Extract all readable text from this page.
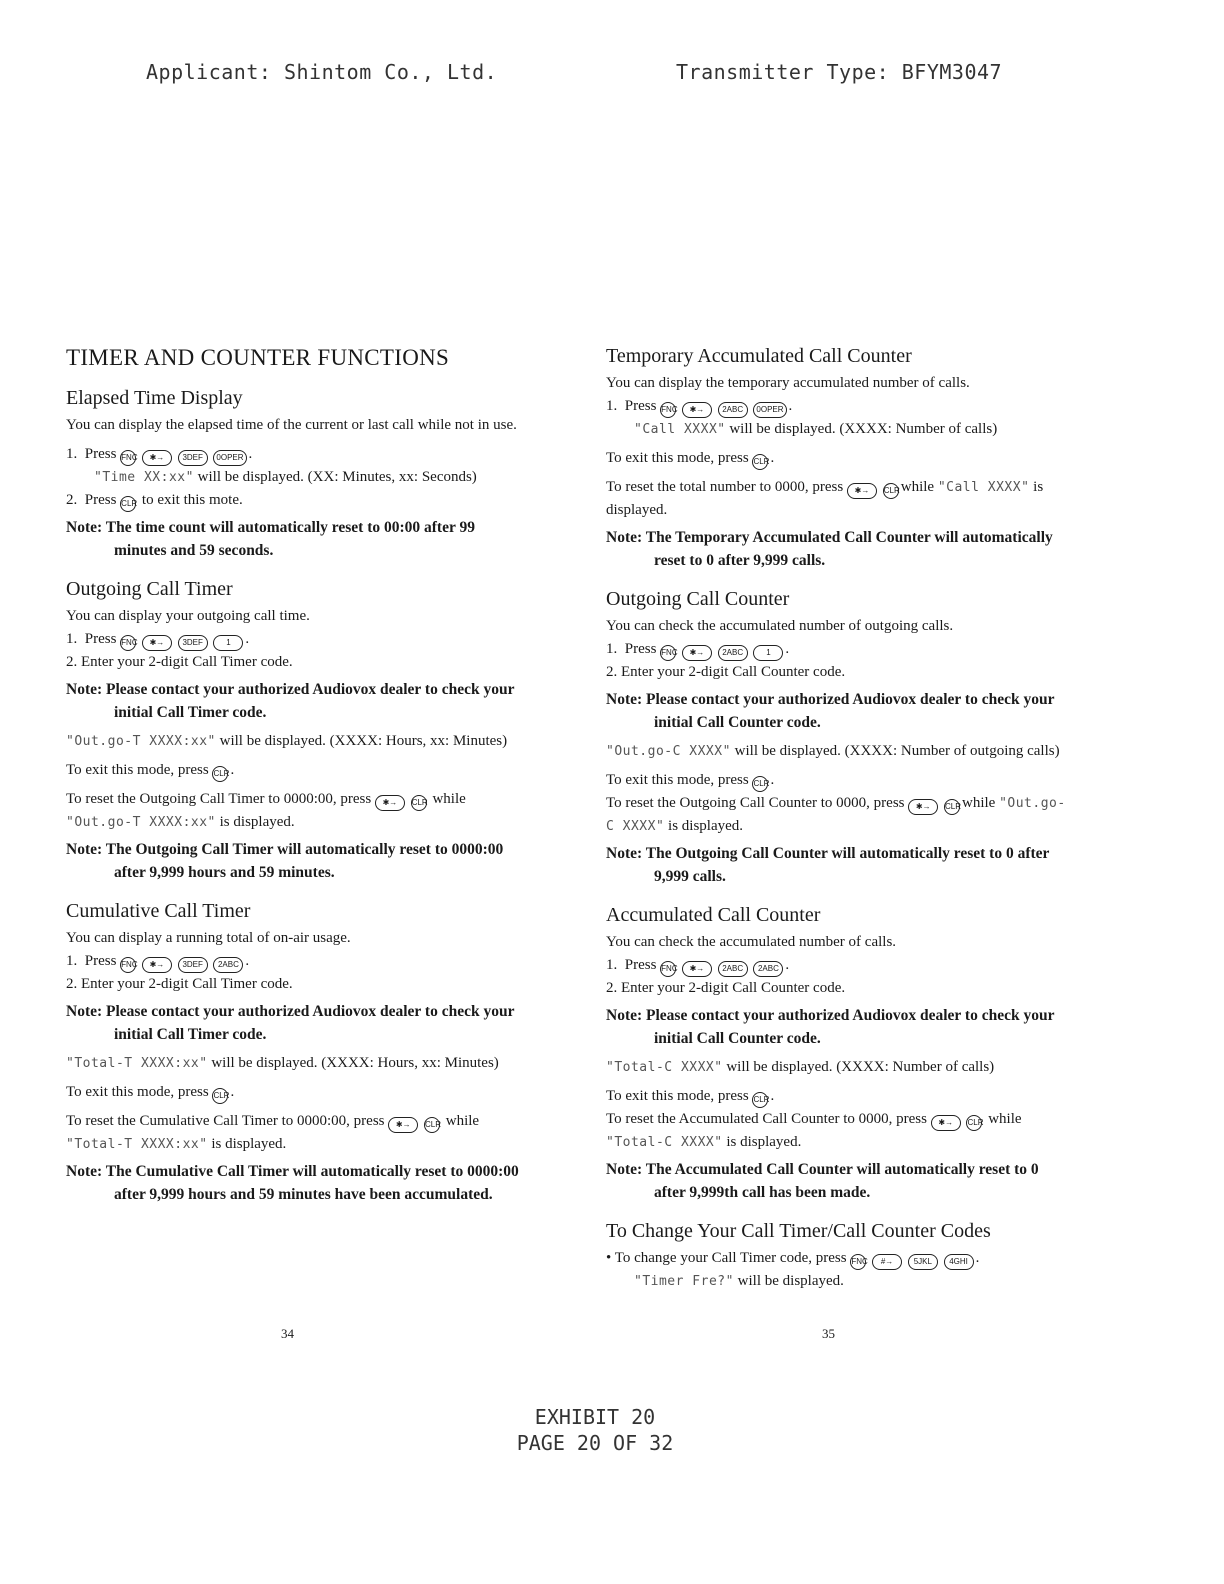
Applicant: Shintom Co., Ltd.	Transmitter Type: BFYM3047
TIMER AND COUNTER FUNCTIONS
Elapsed Time Display

You can display the elapsed time of the current or last call while not in use.

1. Press FNC ✱→ 3DEF 0OPER .
"Time XX:xx" will be displayed. (XX: Minutes, xx: Seconds)
2. Press CLR to exit this mote.
Note: The time count will automatically reset to 00:00 after 99 minutes and 59 seconds.
Outgoing Call Timer

You can display your outgoing call time.

1. Press FNC ✱→ 3DEF	1 .
2. Enter your 2-digit Call Timer code.
Note: Please contact your authorized Audiovox dealer to check your initial Call Timer code.

"Out.go-T XXXX:xx" will be displayed. (XXXX: Hours, xx: Minutes)

To exit this mode, press CLR.

To reset the Outgoing Call Timer to 0000:00, press ✱→ CLR while "Out.go-T XXXX:xx" is displayed.

Note: The Outgoing Call Timer will automatically reset to 0000:00 after 9,999 hours and 59 minutes.
Cumulative Call Timer

You can display a running total of on-air usage.

1. Press FNC ✱→ 3DEF 2ABC .
2. Enter your 2-digit Call Timer code.
Note: Please contact your authorized Audiovox dealer to check your initial Call Timer code.

"Total-T XXXX:xx" will be displayed. (XXXX: Hours, xx: Minutes)

To exit this mode, press CLR.

To reset the Cumulative Call Timer to 0000:00, press ✱→ CLR while "Total-T XXXX:xx" is displayed.

Note: The Cumulative Call Timer will automatically reset to 0000:00 after 9,999 hours and 59 minutes have been accumulated.
Temporary Accumulated Call Counter

You can display the temporary accumulated number of calls.

1. Press FNC ✱→ 2ABC 0OPER .
"Call XXXX" will be displayed. (XXXX: Number of calls)

To exit this mode, press CLR.

To reset the total number to 0000, press ✱→ CLRwhile "Call XXXX" is displayed.

Note: The Temporary Accumulated Call Counter will automatically reset to 0 after 9,999 calls.
Outgoing Call Counter

You can check the accumulated number of outgoing calls.

1. Press FNC ✱→ 2ABC	1 .
2. Enter your 2-digit Call Counter code.
Note: Please contact your authorized Audiovox dealer to check your initial Call Counter code.

"Out.go-C XXXX" will be displayed. (XXXX: Number of outgoing calls)

To exit this mode, press CLR.

To reset the Outgoing Call Counter to 0000, press ✱→ CLRwhile "Out.go-C XXXX" is displayed.

Note: The Outgoing Call Counter will automatically reset to 0 after 9,999 calls.
Accumulated Call Counter

You can check the accumulated number of calls.

1. Press FNC ✱→ 2ABC 2ABC .
2. Enter your 2-digit Call Counter code.
Note: Please contact your authorized Audiovox dealer to check your initial Call Counter code.

"Total-C XXXX" will be displayed. (XXXX: Number of calls)

To exit this mode, press CLR.

To reset the Accumulated Call Counter to 0000, press ✱→ CLR while "Total-C XXXX" is displayed.

Note: The Accumulated Call Counter will automatically reset to 0 after 9,999th call has been made.
To Change Your Call Timer/Call Counter Codes

• To change your Call Timer code, press FNC #→	5JKL 4GHI .

"Timer Fre?" will be displayed.
34	35
EXHIBIT 20
PAGE 20 OF 32
